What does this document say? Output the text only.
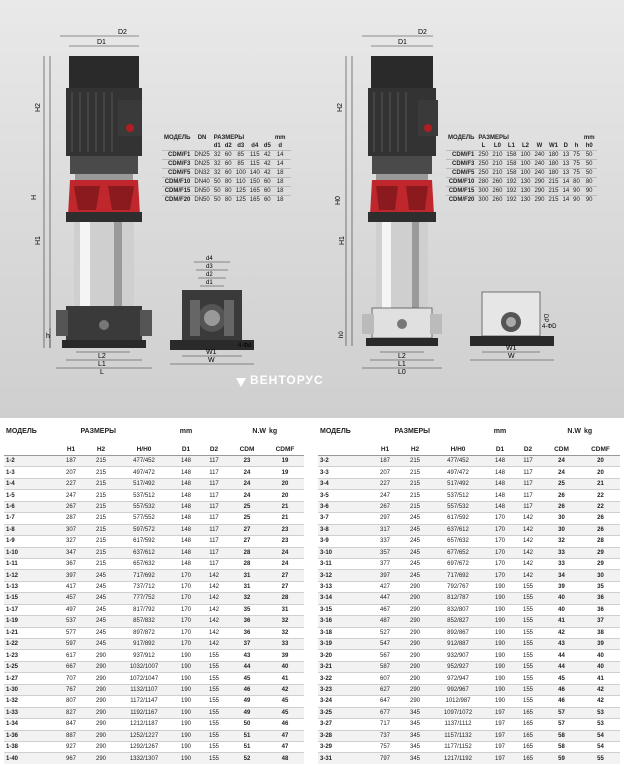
D1
D2
H2
H
H1
h
L2
L1
L
d4
d3
d2
d1
4-Φd
W1
W
МОДЕЛЬ	DN	РАЗМЕРЫ	mm
		d1	d2	d3	d4	d5	d
CDM/F1	DN25	32	60	85	115	42	14	
CDM/F3	DN25	32	60	85	115	42	14	
CDM/F5	DN32	32	60	100	140	42	18	
CDM/F10	DN40	50	80	110	150	60	18	
CDM/F15	DN50	50	80	125	165	60	18	
CDM/F20	DN50	50	80	125	165	60	18	
D1
D2
H2
H0
H1
h0
L2
L1
L0
DP
4-ΦD
W1
W
МОДЕЛЬ	РАЗМЕРЫ	mm
	L	L0	L1	L2	W	W1	D	h	h0
CDM/F1	250	210	158	100	240	180	13	75	50
CDM/F3	250	210	158	100	240	180	13	75	50
CDM/F5	250	210	158	100	240	180	13	75	50
CDM/F10	280	260	192	130	290	215	14	80	80
CDM/F15	300	260	192	130	290	215	14	90	90
CDM/F20	300	260	192	130	290	215	14	90	90
ВЕНТОРУС
МОДЕЛЬ	РАЗМЕРЫ			mm		N.W	kg
	H1	H2	H/H0	D1	D2	CDM	CDMF
1-2	187	215	477/452	148	117	23	19
1-3	207	215	497/472	148	117	24	19
1-4	227	215	517/492	148	117	24	20
1-5	247	215	537/512	148	117	24	20
1-6	267	215	557/532	148	117	25	21
1-7	287	215	577/552	148	117	25	21
1-8	307	215	597/572	148	117	27	23
1-9	327	215	617/592	148	117	27	23
1-10	347	215	637/612	148	117	28	24
1-11	367	215	657/632	148	117	28	24
1-12	397	245	717/692	170	142	31	27
1-13	417	245	737/712	170	142	31	27
1-15	457	245	777/752	170	142	32	28
1-17	497	245	817/792	170	142	35	31
1-19	537	245	857/832	170	142	36	32
1-21	577	245	897/872	170	142	36	32
1-22	597	245	917/892	170	142	37	33
1-23	617	290	937/912	190	155	43	39
1-25	667	290	1032/1007	190	155	44	40
1-27	707	290	1072/1047	190	155	45	41
1-30	767	290	1132/1107	190	155	46	42
1-32	807	290	1172/1147	190	155	49	45
1-33	827	290	1192/1167	190	155	49	45
1-34	847	290	1212/1187	190	155	50	46
1-36	887	290	1252/1227	190	155	51	47
1-38	927	290	1292/1267	190	155	51	47
1-40	967	290	1332/1307	190	155	52	48
МОДЕЛЬ	РАЗМЕРЫ			mm		N.W	kg
	H1	H2	H/H0	D1	D2	CDM	CDMF
3-2	187	215	477/452	148	117	24	20
3-3	207	215	497/472	148	117	24	20
3-4	227	215	517/492	148	117	25	21
3-5	247	215	537/512	148	117	26	22
3-6	267	215	557/532	148	117	26	22
3-7	297	245	617/592	170	142	30	26
3-8	317	245	637/612	170	142	30	26
3-9	337	245	657/632	170	142	32	28
3-10	357	245	677/652	170	142	33	29
3-11	377	245	697/672	170	142	33	29
3-12	397	245	717/692	170	142	34	30
3-13	427	290	792/767	190	155	39	35
3-14	447	290	812/787	190	155	40	36
3-15	467	290	832/807	190	155	40	36
3-16	487	290	852/827	190	155	41	37
3-18	527	290	892/867	190	155	42	38
3-19	547	290	912/887	190	155	43	39
3-20	567	290	932/907	190	155	44	40
3-21	587	290	952/927	190	155	44	40
3-22	607	290	972/947	190	155	45	41
3-23	627	290	992/967	190	155	46	42
3-24	647	290	1012/987	190	155	46	42
3-25	677	345	1097/1072	197	165	57	53
3-27	717	345	1137/1112	197	165	57	53
3-28	737	345	1157/1132	197	165	58	54
3-29	757	345	1177/1152	197	165	58	54
3-31	797	345	1217/1192	197	165	59	55
